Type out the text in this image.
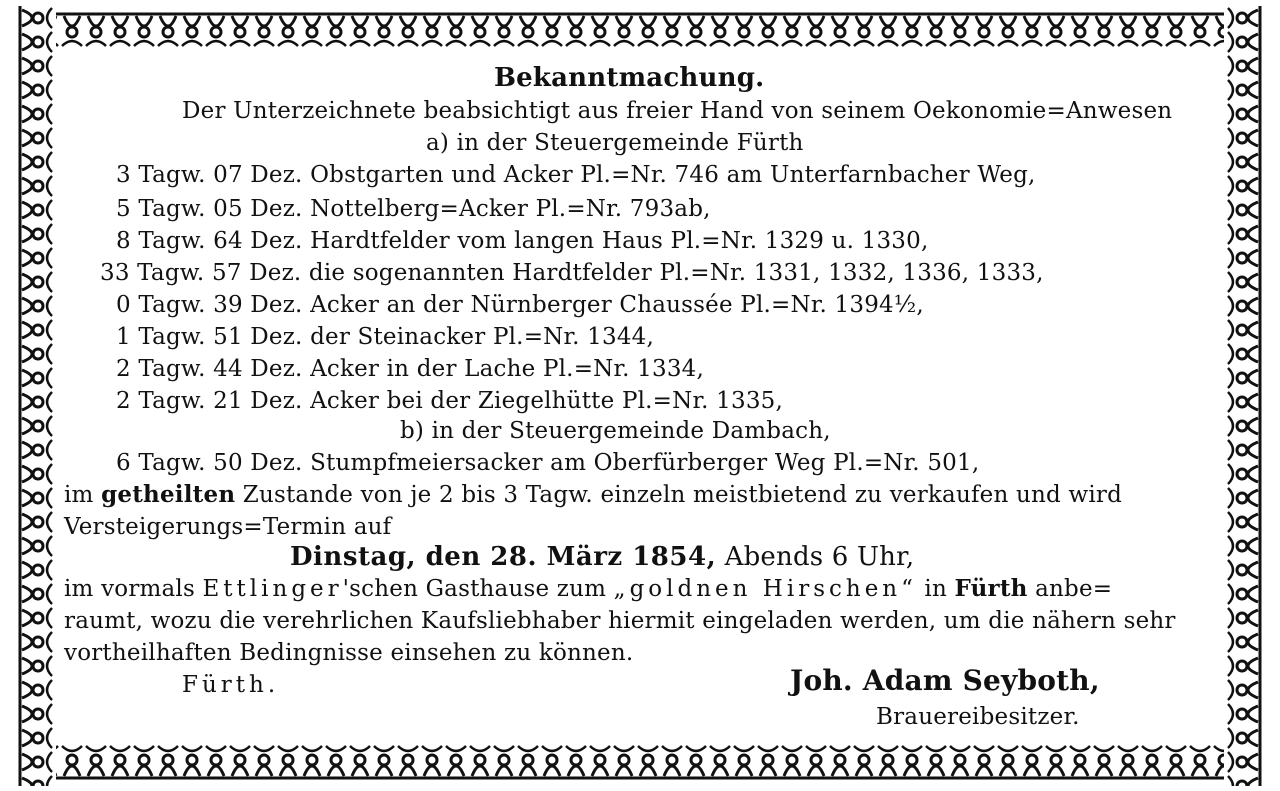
Bekanntmachung.
Der Unterzeichnete beabsichtigt aus freier Hand von seinem Oekonomie=Anwesen
a) in der Steuergemeinde Fürth
3 Tagw. 07 Dez. Obstgarten und Acker Pl.=Nr. 746 am Unterfarnbacher Weg,
5 Tagw. 05 Dez. Nottelberg=Acker Pl.=Nr. 793ab,
8 Tagw. 64 Dez. Hardtfelder vom langen Haus Pl.=Nr. 1329 u. 1330,
33 Tagw. 57 Dez. die sogenannten Hardtfelder Pl.=Nr. 1331, 1332, 1336, 1333,
0 Tagw. 39 Dez. Acker an der Nürnberger Chaussée Pl.=Nr. 1394½,
1 Tagw. 51 Dez. der Steinacker Pl.=Nr. 1344,
2 Tagw. 44 Dez. Acker in der Lache Pl.=Nr. 1334,
2 Tagw. 21 Dez. Acker bei der Ziegelhütte Pl.=Nr. 1335,
b) in der Steuergemeinde Dambach,
6 Tagw. 50 Dez. Stumpfmeiersacker am Oberfürberger Weg Pl.=Nr. 501,
im getheilten Zustande von je 2 bis 3 Tagw. einzeln meistbietend zu verkaufen und wird
Versteigerungs=Termin auf
Dinstag, den 28. März 1854, Abends 6 Uhr,
im vormals Ettlinger'schen Gasthause zum „goldnen Hirschen“ in Fürth anbe=
raumt, wozu die verehrlichen Kaufsliebhaber hiermit eingeladen werden, um die nähern sehr
vortheilhaften Bedingnisse einsehen zu können.
Fürth.	Joh. Adam Seyboth,
Brauereibesitzer.
